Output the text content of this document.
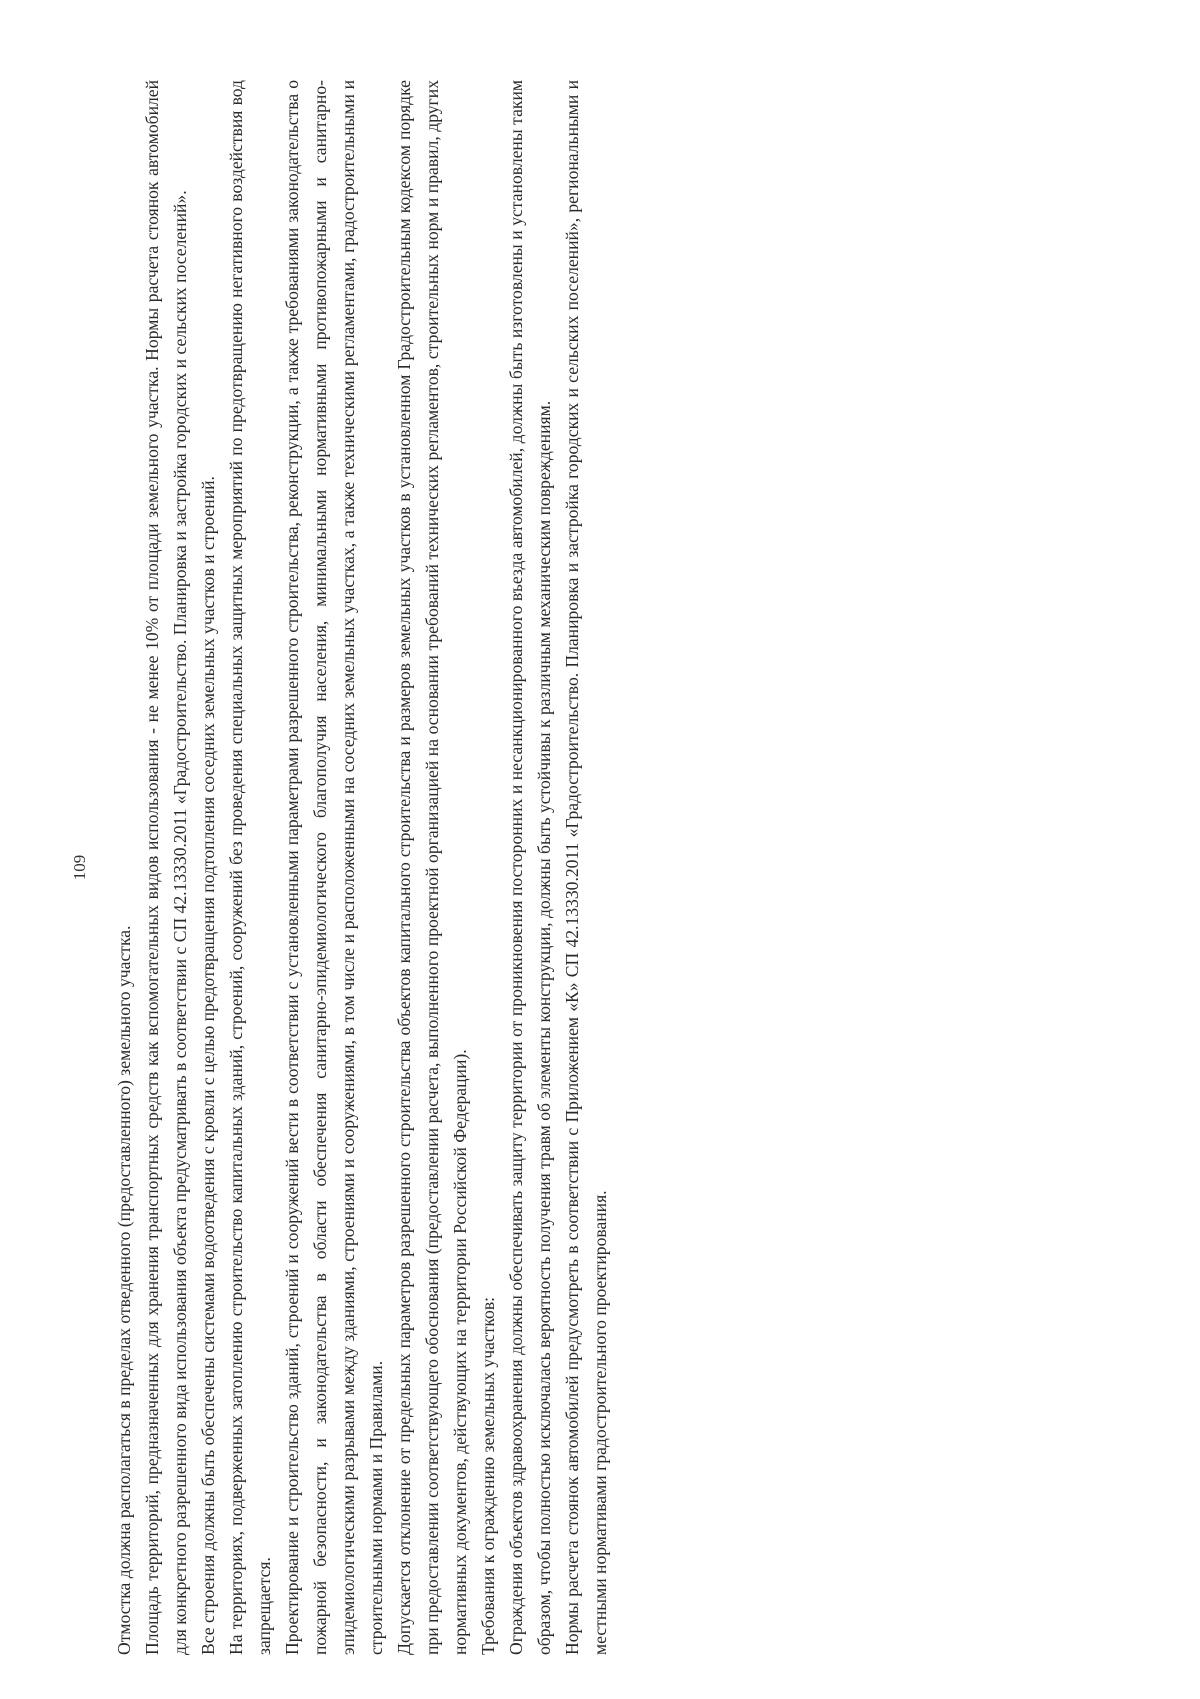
109

Отмостка должна располагаться в пределах отведенного (предоставленного) земельного участка. Площадь территорий, предназначенных для хранения транспортных средств как вспомогательных видов использования - не менее 10% от площади земельного участка. Нормы расчета стоянок автомобилей для конкретного разрешенного вида использования объекта предусматривать в соответствии с СП 42.13330.2011 «Градостроительство. Планировка и застройка городских и сельских поселений». Все строения должны быть обеспечены системами водоотведения с кровли с целью предотвращения подтопления соседних земельных участков и строений. На территориях, подверженных затоплению строительство капитальных зданий, строений, сооружений без проведения специальных защитных мероприятий по предотвращению негативного воздействия вод запрещается. Проектирование и строительство зданий, строений и сооружений вести в соответствии с установленными параметрами разрешенного строительства, реконструкции, а также требованиями законодательства о пожарной безопасности, и законодательства в области обеспечения санитарно-эпидемиологического благополучия населения, минимальными нормативными противопожарными и санитарно-эпидемиологическими разрывами между зданиями, строениями и сооружениями, в том числе и расположенными на соседних земельных участках, а также техническими регламентами, градостроительными и строительными нормами и Правилами. Допускается отклонение от предельных параметров разрешенного строительства объектов капитального строительства и размеров земельных участков в установленном Градостроительным кодексом порядке при предоставлении соответствующего обоснования (предоставлении расчета, выполненного проектной организацией на основании требований технических регламентов, строительных норм и правил, других нормативных документов, действующих на территории Российской Федерации). Требования к ограждению земельных участков: Ограждения объектов здравоохранения должны обеспечивать защиту территории от проникновения посторонних и несанкционированного въезда автомобилей, должны быть изготовлены и установлены таким образом, чтобы полностью исключалась вероятность получения травм об элементы конструкции, должны быть устойчивы к различным механическим повреждениям. Нормы расчета стоянок автомобилей предусмотреть в соответствии с Приложением «К» СП 42.13330.2011 «Градостроительство. Планировка и застройка городских и сельских поселений», региональными и местными нормативами градостроительного проектирования.
